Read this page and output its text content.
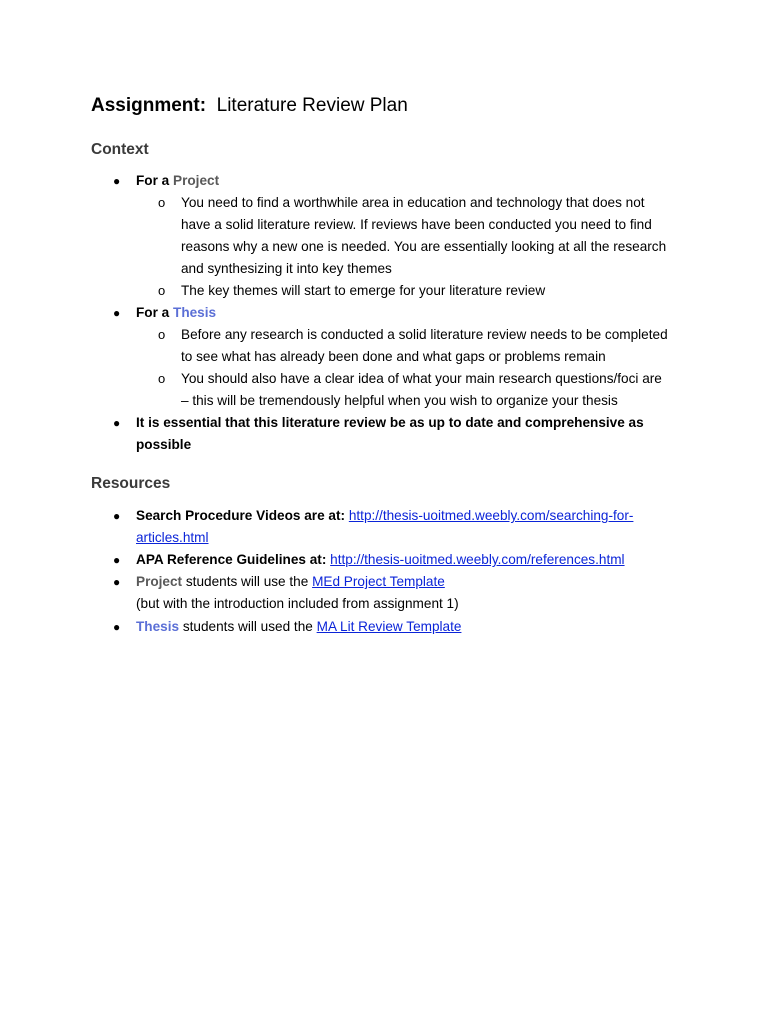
Assignment: Literature Review Plan
Context
● For a Project
o You need to find a worthwhile area in education and technology that does not
have a solid literature review. If reviews have been conducted you need to find
reasons why a new one is needed. You are essentially looking at all the research
and synthesizing it into key themes
o The key themes will start to emerge for your literature review
● For a Thesis
o Before any research is conducted a solid literature review needs to be completed
to see what has already been done and what gaps or problems remain
o You should also have a clear idea of what your main research questions/foci are
– this will be tremendously helpful when you wish to organize your thesis
● It is essential that this literature review be as up to date and comprehensive as
possible
Resources
● Search Procedure Videos are at: http://thesis-uoitmed.weebly.com/searching-for-
articles.html
● APA Reference Guidelines at: http://thesis-uoitmed.weebly.com/references.html
● Project students will use the MEd Project Template
(but with the introduction included from assignment 1)
● Thesis students will used the MA Lit Review Template
